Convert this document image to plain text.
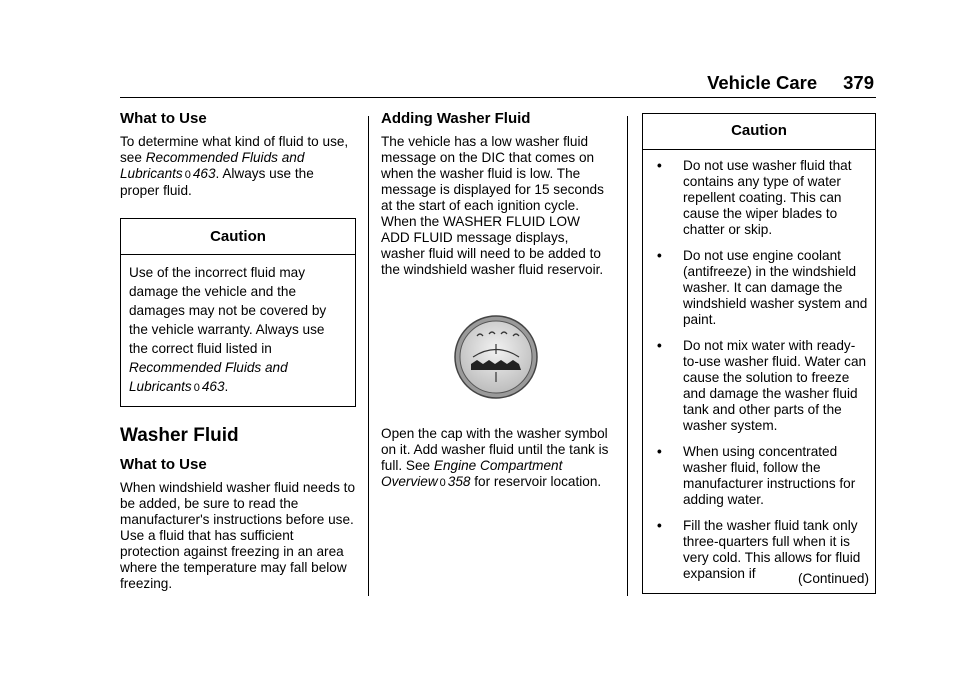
Vehicle Care 379
What to Use

To determine what kind of fluid to use, see Recommended Fluids and Lubricants 0 463. Always use the proper fluid.

Caution
Use of the incorrect fluid may damage the vehicle and the damages may not be covered by the vehicle warranty. Always use the correct fluid listed in Recommended Fluids and Lubricants 0 463.
Washer Fluid
What to Use

When windshield washer fluid needs to be added, be sure to read the manufacturer's instructions before use. Use a fluid that has sufficient protection against freezing in an area where the temperature may fall below freezing.

Adding Washer Fluid

The vehicle has a low washer fluid message on the DIC that comes on when the washer fluid is low. The message is displayed for 15 seconds at the start of each ignition cycle. When the WASHER FLUID LOW ADD FLUID message displays, washer fluid will need to be added to the windshield washer fluid reservoir.

Open the cap with the washer symbol on it. Add washer fluid until the tank is full. See Engine Compartment Overview 0 358 for reservoir location.

Caution
• Do not use washer fluid that contains any type of water repellent coating. This can cause the wiper blades to chatter or skip.
• Do not use engine coolant (antifreeze) in the windshield washer. It can damage the windshield washer system and paint.
• Do not mix water with ready-to-use washer fluid. Water can cause the solution to freeze and damage the washer fluid tank and other parts of the washer system.
• When using concentrated washer fluid, follow the manufacturer instructions for adding water.
• Fill the washer fluid tank only three-quarters full when it is very cold. This allows for fluid expansion if	(Continued)
